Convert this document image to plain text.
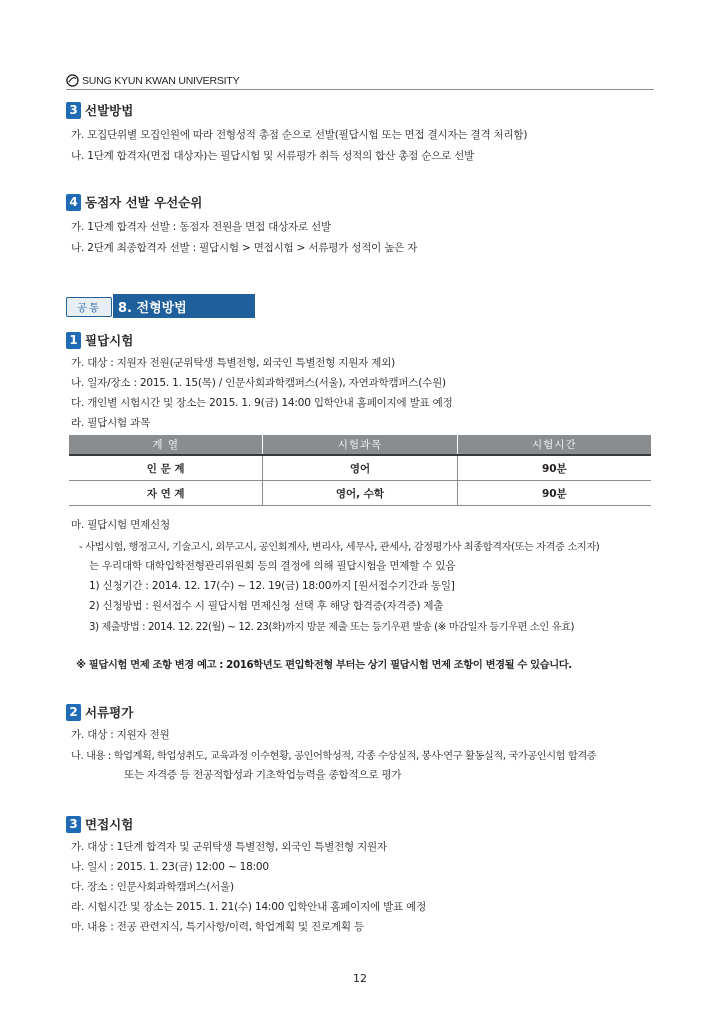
SUNG KYUN KWAN UNIVERSITY
3 선발방법
가. 모집단위별 모집인원에 따라 전형성적 총점 순으로 선발(필답시험 또는 면접 결시자는 결격 처리함)
나. 1단계 합격자(면접 대상자)는 필답시험 및 서류평가 취득 성적의 합산 총점 순으로 선발
4 동점자 선발 우선순위
가. 1단계 합격자 선발 : 동점자 전원을 면접 대상자로 선발
나. 2단계 최종합격자 선발 : 필답시험 > 면접시험 > 서류평가 성적이 높은 자
공통	8. 전형방법
1 필답시험
가. 대상 : 지원자 전원(군위탁생 특별전형, 외국인 특별전형 지원자 제외)
나. 일자/장소 : 2015. 1. 15(목) / 인문사회과학캠퍼스(서울), 자연과학캠퍼스(수원)
다. 개인별 시험시간 및 장소는 2015. 1. 9(금) 14:00 입학안내 홈페이지에 발표 예정
라. 필답시험 과목
계 열	시험과목	시험시간
인 문 계	영어	90분
자 연 계	영어, 수학	90분
마. 필답시험 면제신청
- 사법시험, 행정고시, 기술고시, 외무고시, 공인회계사, 변리사, 세무사, 관세사, 감정평가사 최종합격자(또는 자격증 소지자)
는 우리대학 대학입학전형관리위원회 등의 결정에 의해 필답시험을 면제할 수 있음
1) 신청기간 : 2014. 12. 17(수) ~ 12. 19(금) 18:00까지 [원서접수기간과 동일]
2) 신청방법 : 원서접수 시 필답시험 면제신청 선택 후 해당 합격증(자격증) 제출
3) 제출방법 : 2014. 12. 22(월) ~ 12. 23(화)까지 방문 제출 또는 등기우편 발송 (※ 마감일자 등기우편 소인 유효)
※ 필답시험 면제 조항 변경 예고 : 2016학년도 편입학전형 부터는 상기 필답시험 면제 조항이 변경될 수 있습니다.
2 서류평가
가. 대상 : 지원자 전원
나. 내용 : 학업계획, 학업성취도, 교육과정 이수현황, 공인어학성적, 각종 수상실적, 봉사·연구 활동실적, 국가공인시험 합격증
또는 자격증 등 전공적합성과 기초학업능력을 종합적으로 평가
3 면접시험
가. 대상 : 1단계 합격자 및 군위탁생 특별전형, 외국인 특별전형 지원자
나. 일시 : 2015. 1. 23(금) 12:00 ~ 18:00
다. 장소 : 인문사회과학캠퍼스(서울)
라. 시험시간 및 장소는 2015. 1. 21(수) 14:00 입학안내 홈페이지에 발표 예정
마. 내용 : 전공 관련지식, 특기사항/이력, 학업계획 및 진로계획 등
12
